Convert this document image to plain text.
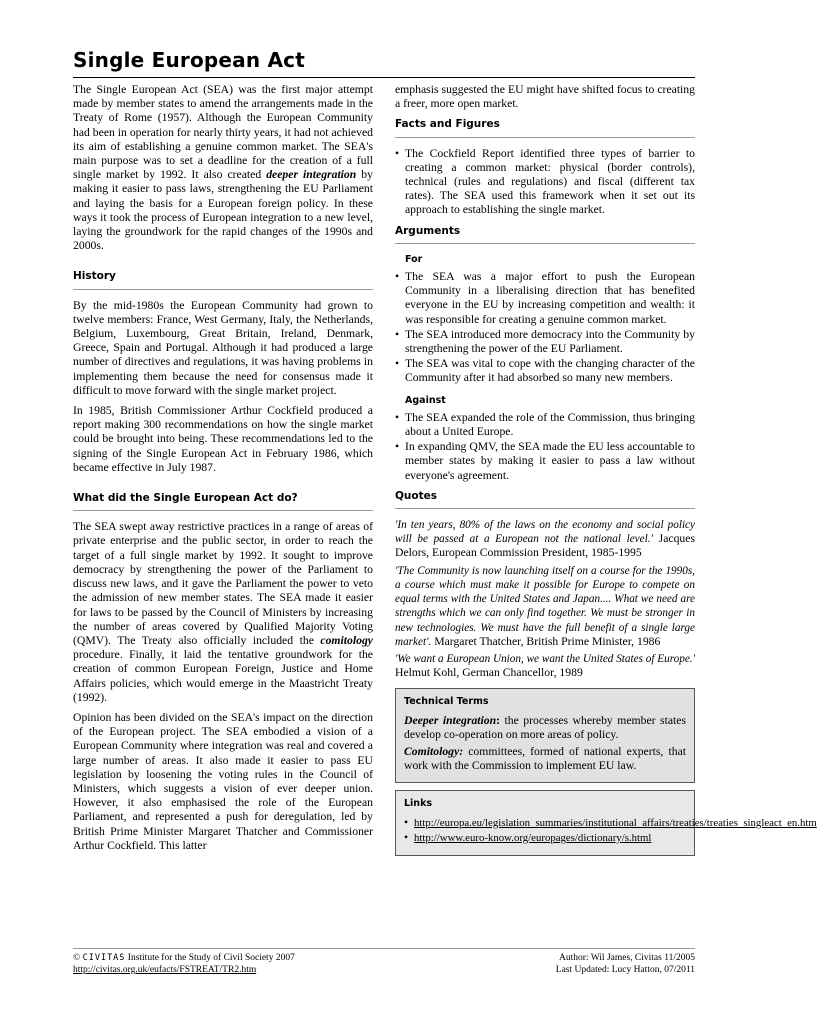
Single European Act

The Single European Act (SEA) was the first major attempt made by member states to amend the arrangements made in the Treaty of Rome (1957). Although the European Community had been in operation for nearly thirty years, it had not achieved its aim of establishing a genuine common market. The SEA's main purpose was to set a deadline for the creation of a full single market by 1992. It also created deeper integration by making it easier to pass laws, strengthening the EU Parliament and laying the basis for a European foreign policy. In these ways it took the process of European integration to a new level, laying the groundwork for the rapid changes of the 1990s and 2000s.

History

By the mid-1980s the European Community had grown to twelve members: France, West Germany, Italy, the Netherlands, Belgium, Luxembourg, Great Britain, Ireland, Denmark, Greece, Spain and Portugal. Although it had produced a large number of directives and regulations, it was having problems in implementing them because the need for consensus made it difficult to move forward with the single market project.

In 1985, British Commissioner Arthur Cockfield produced a report making 300 recommendations on how the single market could be brought into being. These recommendations led to the signing of the Single European Act in February 1986, which became effective in July 1987.

What did the Single European Act do?

The SEA swept away restrictive practices in a range of areas of private enterprise and the public sector, in order to reach the target of a full single market by 1992. It sought to improve democracy by strengthening the power of the Parliament to discuss new laws, and it gave the Parliament the power to veto the admission of new member states. The SEA made it easier for laws to be passed by the Council of Ministers by increasing the number of areas covered by Qualified Majority Voting (QMV). The Treaty also officially included the comitology procedure. Finally, it laid the tentative groundwork for the creation of common European Foreign, Justice and Home Affairs policies, which would emerge in the Maastricht Treaty (1992).

Opinion has been divided on the SEA's impact on the direction of the European project. The SEA embodied a vision of a European Community where integration was real and covered a large number of areas. It also made it easier to pass EU legislation by loosening the voting rules in the Council of Ministers, which suggests a vision of ever deeper union. However, it also emphasised the role of the European Parliament, and represented a push for deregulation, led by British Prime Minister Margaret Thatcher and Commissioner Arthur Cockfield. This latter

emphasis suggested the EU might have shifted focus to creating a freer, more open market.

Facts and Figures
• The Cockfield Report identified three types of barrier to creating a common market: physical (border controls), technical (rules and regulations) and fiscal (different tax rates). The SEA used this framework when it set out its approach to establishing the single market.
Arguments
For
• The SEA was a major effort to push the European Community in a liberalising direction that has benefited everyone in the EU by increasing competition and wealth: it was responsible for creating a genuine common market.
• The SEA introduced more democracy into the Community by strengthening the power of the EU Parliament.
• The SEA was vital to cope with the changing character of the Community after it had absorbed so many new members.
Against
• The SEA expanded the role of the Commission, thus bringing about a United Europe.
• In expanding QMV, the SEA made the EU less accountable to member states by making it easier to pass a law without everyone's agreement.
Quotes

'In ten years, 80% of the laws on the economy and social policy will be passed at a European not the national level.' Jacques Delors, European Commission President, 1985-1995

'The Community is now launching itself on a course for the 1990s, a course which must make it possible for Europe to compete on equal terms with the United States and Japan.... What we need are strengths which we can only find together. We must be stronger in new technologies. We must have the full benefit of a single large market'. Margaret Thatcher, British Prime Minister, 1986

'We want a European Union, we want the United States of Europe.' Helmut Kohl, German Chancellor, 1989

Technical Terms

Deeper integration: the processes whereby member states develop co-operation on more areas of policy.

Comitology: committees, formed of national experts, that work with the Commission to implement EU law.

Links
• http://europa.eu/legislation_summaries/institutional_affairs/treaties/treaties_singleact_en.htm
• http://www.euro-know.org/europages/dictionary/s.html
© CIVITAS Institute for the Study of Civil Society 2007
http://civitas.org.uk/eufacts/FSTREAT/TR2.htm
Author: Wil James, Civitas 11/2005
Last Updated: Lucy Hatton, 07/2011
